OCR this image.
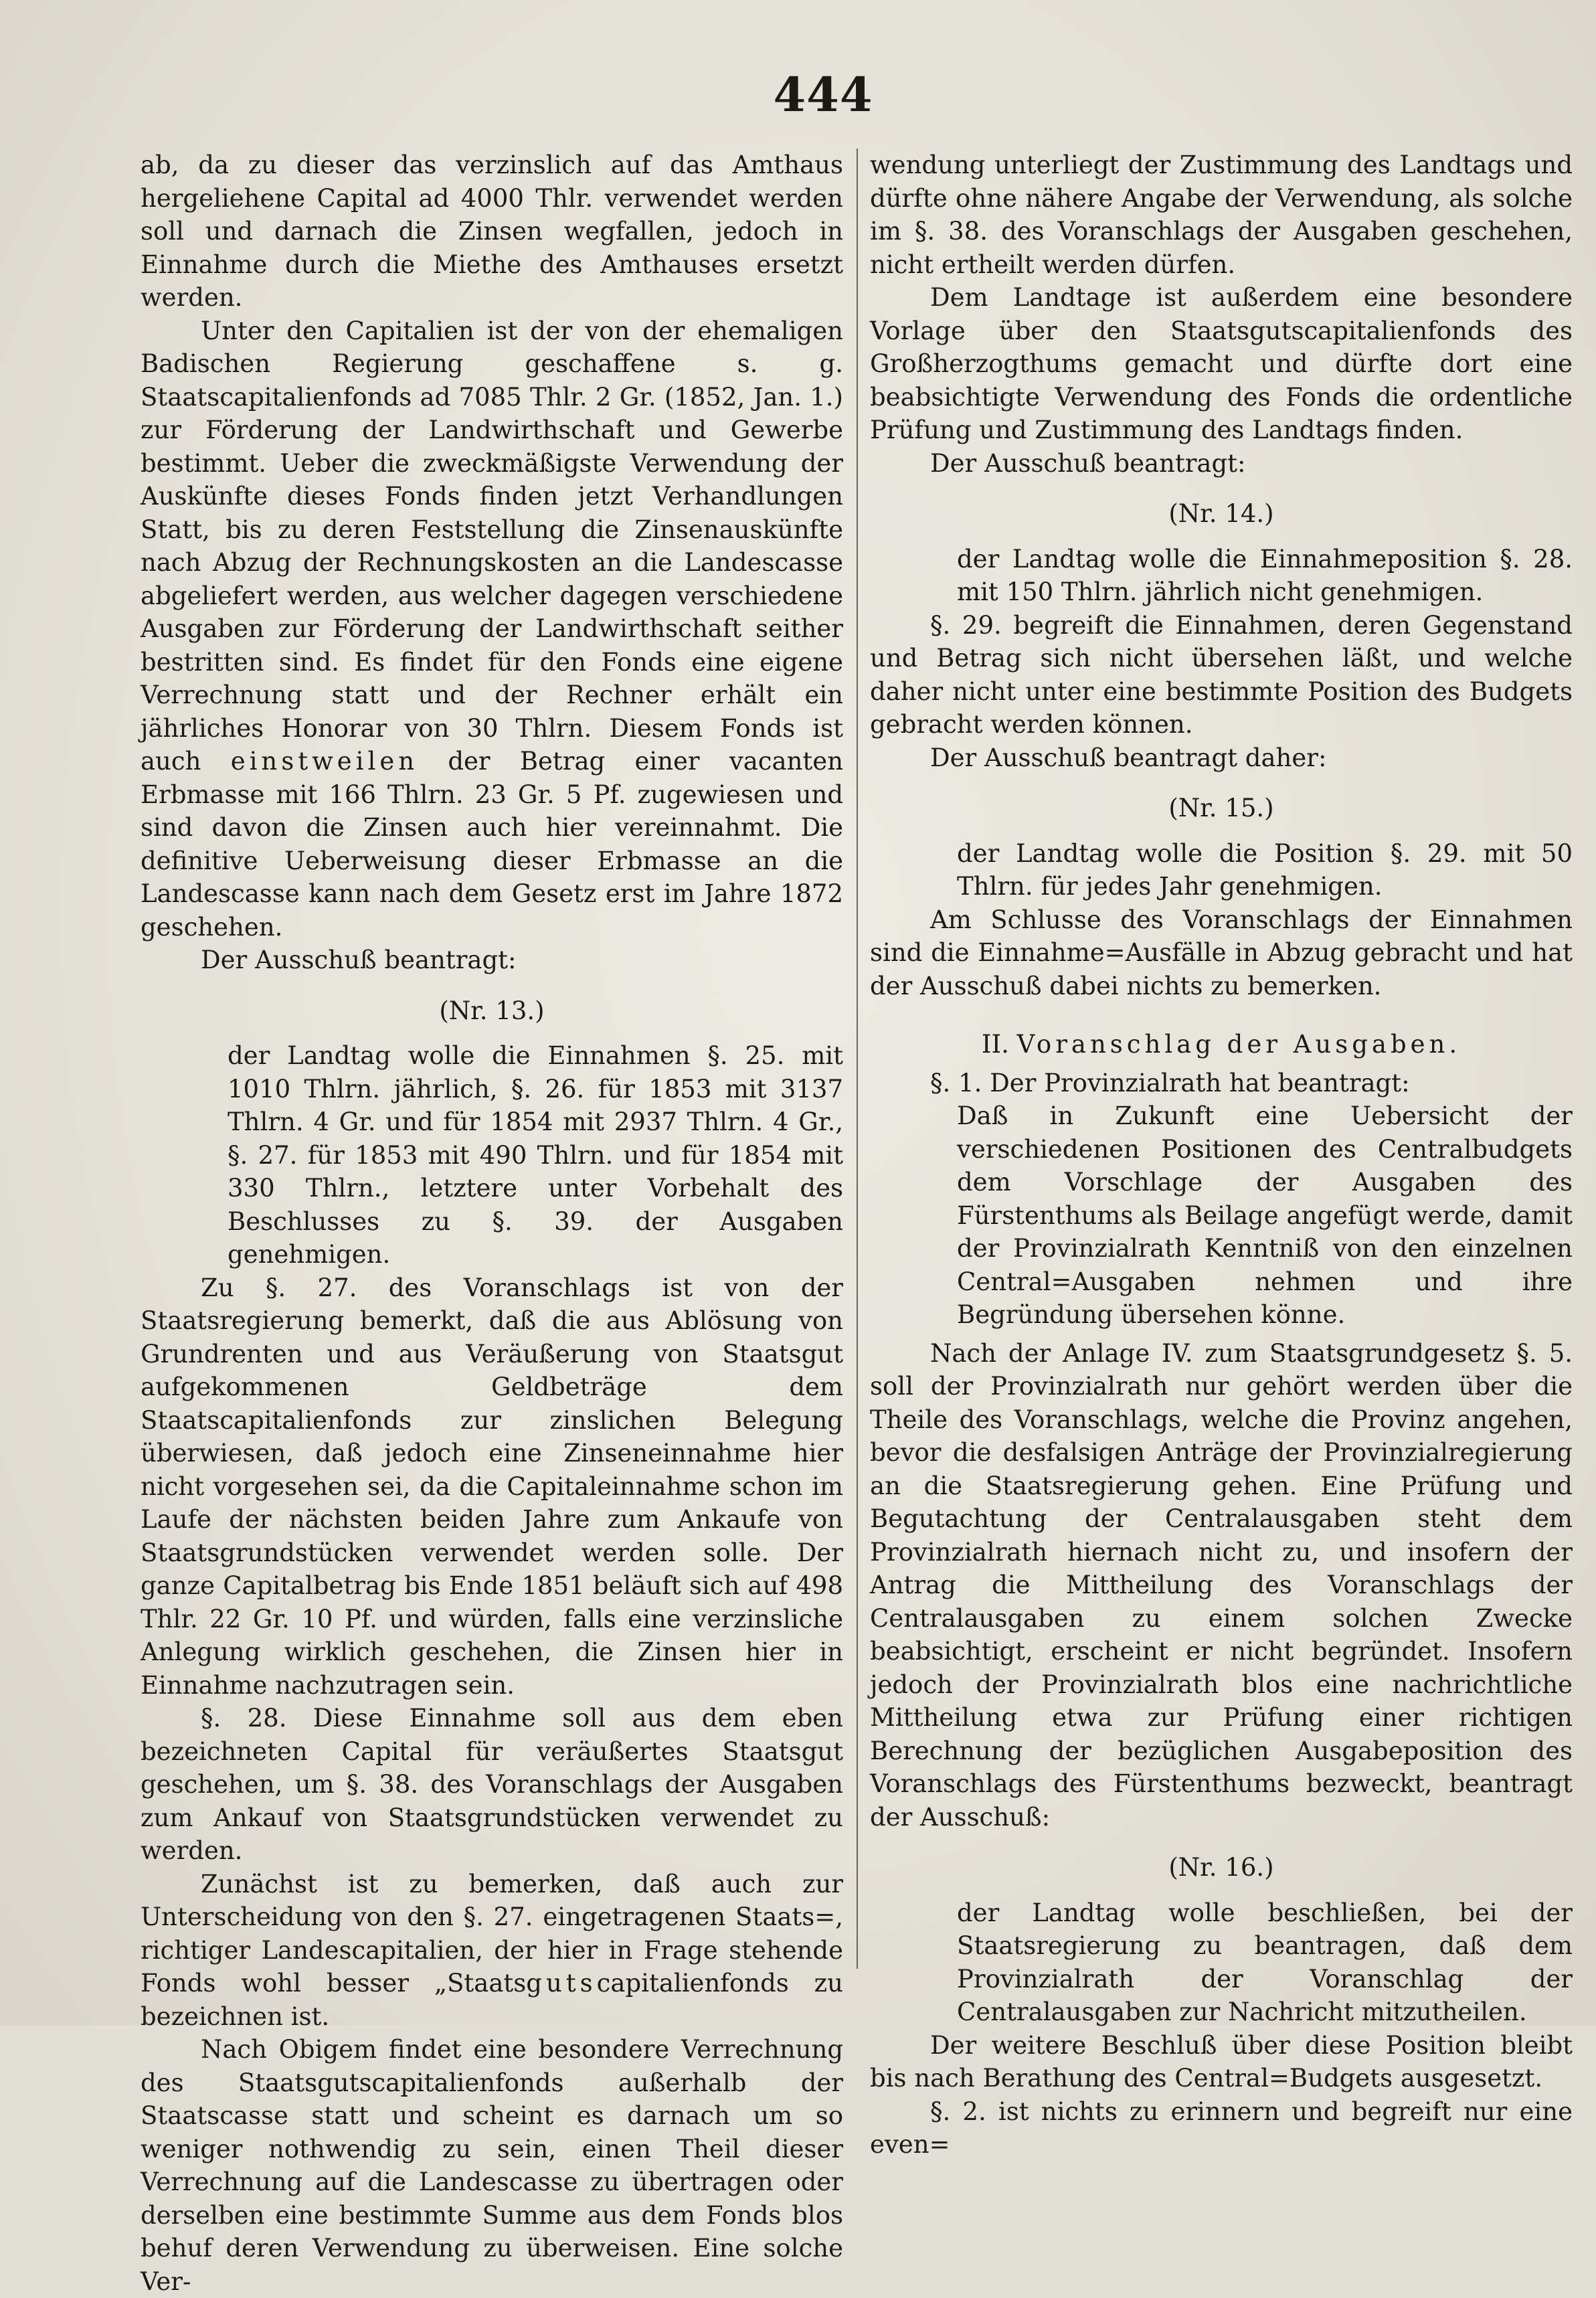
444

ab, da zu dieser das verzinslich auf das Amthaus hergeliehene Capital ad 4000 Thlr. verwendet werden soll und darnach die Zinsen wegfallen, jedoch in Einnahme durch die Miethe des Amthauses ersetzt werden.

Unter den Capitalien ist der von der ehemaligen Badischen Regierung geschaffene s. g. Staatscapitalienfonds ad 7085 Thlr. 2 Gr. (1852, Jan. 1.) zur Förderung der Landwirthschaft und Gewerbe bestimmt. Ueber die zweckmäßigste Verwendung der Auskünfte dieses Fonds finden jetzt Verhandlungen Statt, bis zu deren Feststellung die Zinsenauskünfte nach Abzug der Rechnungskosten an die Landescasse abgeliefert werden, aus welcher dagegen verschiedene Ausgaben zur Förderung der Landwirthschaft seither bestritten sind. Es findet für den Fonds eine eigene Verrechnung statt und der Rechner erhält ein jährliches Honorar von 30 Thlrn. Diesem Fonds ist auch einstweilen der Betrag einer vacanten Erbmasse mit 166 Thlrn. 23 Gr. 5 Pf. zugewiesen und sind davon die Zinsen auch hier vereinnahmt. Die definitive Ueberweisung dieser Erbmasse an die Landescasse kann nach dem Gesetz erst im Jahre 1872 geschehen.

Der Ausschuß beantragt:

(Nr. 13.)

der Landtag wolle die Einnahmen §. 25. mit 1010 Thlrn. jährlich, §. 26. für 1853 mit 3137 Thlrn. 4 Gr. und für 1854 mit 2937 Thlrn. 4 Gr., §. 27. für 1853 mit 490 Thlrn. und für 1854 mit 330 Thlrn., letztere unter Vorbehalt des Beschlusses zu §. 39. der Ausgaben genehmigen.

Zu §. 27. des Voranschlags ist von der Staatsregierung bemerkt, daß die aus Ablösung von Grundrenten und aus Veräußerung von Staatsgut aufgekommenen Geldbeträge dem Staatscapitalienfonds zur zinslichen Belegung überwiesen, daß jedoch eine Zinseneinnahme hier nicht vorgesehen sei, da die Capitaleinnahme schon im Laufe der nächsten beiden Jahre zum Ankaufe von Staatsgrundstücken verwendet werden solle. Der ganze Capitalbetrag bis Ende 1851 beläuft sich auf 498 Thlr. 22 Gr. 10 Pf. und würden, falls eine verzinsliche Anlegung wirklich geschehen, die Zinsen hier in Einnahme nachzutragen sein.

§. 28. Diese Einnahme soll aus dem eben bezeichneten Capital für veräußertes Staatsgut geschehen, um §. 38. des Voranschlags der Ausgaben zum Ankauf von Staatsgrundstücken verwendet zu werden.

Zunächst ist zu bemerken, daß auch zur Unterscheidung von den §. 27. eingetragenen Staats=, richtiger Landescapitalien, der hier in Frage stehende Fonds wohl besser „Staatsgutscapitalienfonds zu bezeichnen ist.

Nach Obigem findet eine besondere Verrechnung des Staatsgutscapitalienfonds außerhalb der Staatscasse statt und scheint es darnach um so weniger nothwendig zu sein, einen Theil dieser Verrechnung auf die Landescasse zu übertragen oder derselben eine bestimmte Summe aus dem Fonds blos behuf deren Verwendung zu überweisen. Eine solche Ver-

wendung unterliegt der Zustimmung des Landtags und dürfte ohne nähere Angabe der Verwendung, als solche im §. 38. des Voranschlags der Ausgaben geschehen, nicht ertheilt werden dürfen.

Dem Landtage ist außerdem eine besondere Vorlage über den Staatsgutscapitalienfonds des Großherzogthums gemacht und dürfte dort eine beabsichtigte Verwendung des Fonds die ordentliche Prüfung und Zustimmung des Landtags finden.

Der Ausschuß beantragt:

(Nr. 14.)

der Landtag wolle die Einnahmeposition §. 28. mit 150 Thlrn. jährlich nicht genehmigen.

§. 29. begreift die Einnahmen, deren Gegenstand und Betrag sich nicht übersehen läßt, und welche daher nicht unter eine bestimmte Position des Budgets gebracht werden können.

Der Ausschuß beantragt daher:

(Nr. 15.)

der Landtag wolle die Position §. 29. mit 50 Thlrn. für jedes Jahr genehmigen.

Am Schlusse des Voranschlags der Einnahmen sind die Einnahme=Ausfälle in Abzug gebracht und hat der Ausschuß dabei nichts zu bemerken.

II. Voranschlag der Ausgaben.

§. 1. Der Provinzialrath hat beantragt:

Daß in Zukunft eine Uebersicht der verschiedenen Positionen des Centralbudgets dem Vorschlage der Ausgaben des Fürstenthums als Beilage angefügt werde, damit der Provinzialrath Kenntniß von den einzelnen Central=Ausgaben nehmen und ihre Begründung übersehen könne.

Nach der Anlage IV. zum Staatsgrundgesetz §. 5. soll der Provinzialrath nur gehört werden über die Theile des Voranschlags, welche die Provinz angehen, bevor die desfalsigen Anträge der Provinzialregierung an die Staatsregierung gehen. Eine Prüfung und Begutachtung der Centralausgaben steht dem Provinzialrath hiernach nicht zu, und insofern der Antrag die Mittheilung des Voranschlags der Centralausgaben zu einem solchen Zwecke beabsichtigt, erscheint er nicht begründet. Insofern jedoch der Provinzialrath blos eine nachrichtliche Mittheilung etwa zur Prüfung einer richtigen Berechnung der bezüglichen Ausgabeposition des Voranschlags des Fürstenthums bezweckt, beantragt der Ausschuß:

(Nr. 16.)

der Landtag wolle beschließen, bei der Staatsregierung zu beantragen, daß dem Provinzialrath der Voranschlag der Centralausgaben zur Nachricht mitzutheilen.

Der weitere Beschluß über diese Position bleibt bis nach Berathung des Central=Budgets ausgesetzt.

§. 2. ist nichts zu erinnern und begreift nur eine even=
